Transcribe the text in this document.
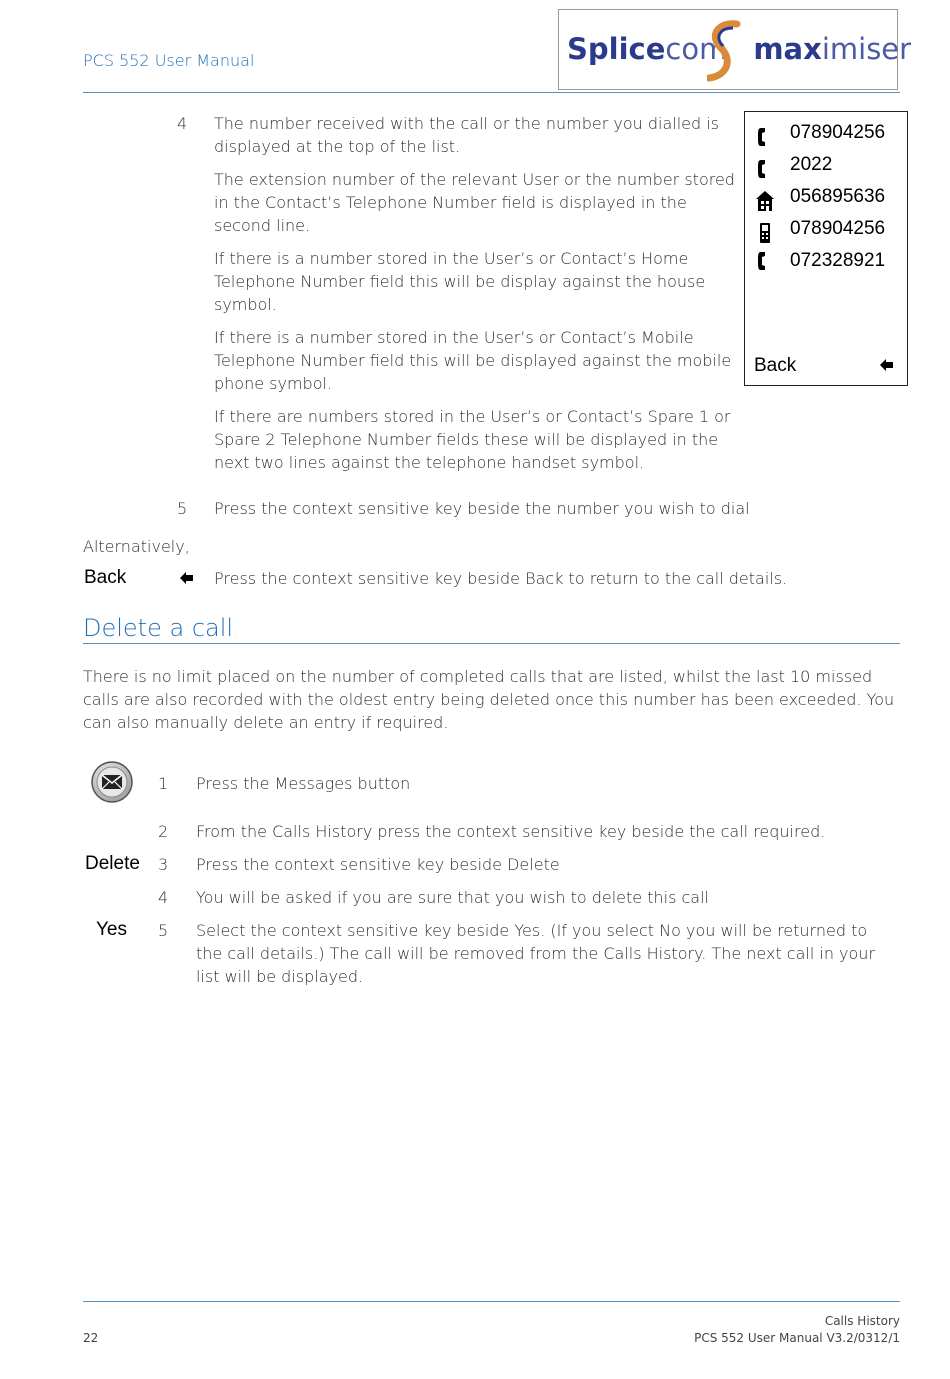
PCS 552 User Manual	Splicecom maximiser
078904256
2022
056895636
078904256
072328921
Back
4	The number received with the call or the number you dialled is displayed at the top of the list.
The extension number of the relevant User or the number stored in the Contact’s Telephone Number field is displayed in the second line.
If there is a number stored in the User’s or Contact’s Home Telephone Number field this will be display against the house symbol.
If there is a number stored in the User’s or Contact’s Mobile Telephone Number field this will be displayed against the mobile phone symbol.
If there are numbers stored in the User’s or Contact’s Spare 1 or Spare 2 Telephone Number fields these will be displayed in the next two lines against the telephone handset symbol.
5	Press the context sensitive key beside the number you wish to dial
Alternatively,
Back	Press the context sensitive key beside Back to return to the call details.
Delete a call
There is no limit placed on the number of completed calls that are listed, whilst the last 10 missed calls are also recorded with the oldest entry being deleted once this number has been exceeded. You can also manually delete an entry if required.
1	Press the Messages button
2	From the Calls History press the context sensitive key beside the call required.
Delete 3	Press the context sensitive key beside Delete
4	You will be asked if you are sure that you wish to delete this call
Yes 5	Select the context sensitive key beside Yes. (If you select No you will be returned to the call details.) The call will be removed from the Calls History. The next call in your list will be displayed.
Calls History
22	PCS 552 User Manual V3.2/0312/1
